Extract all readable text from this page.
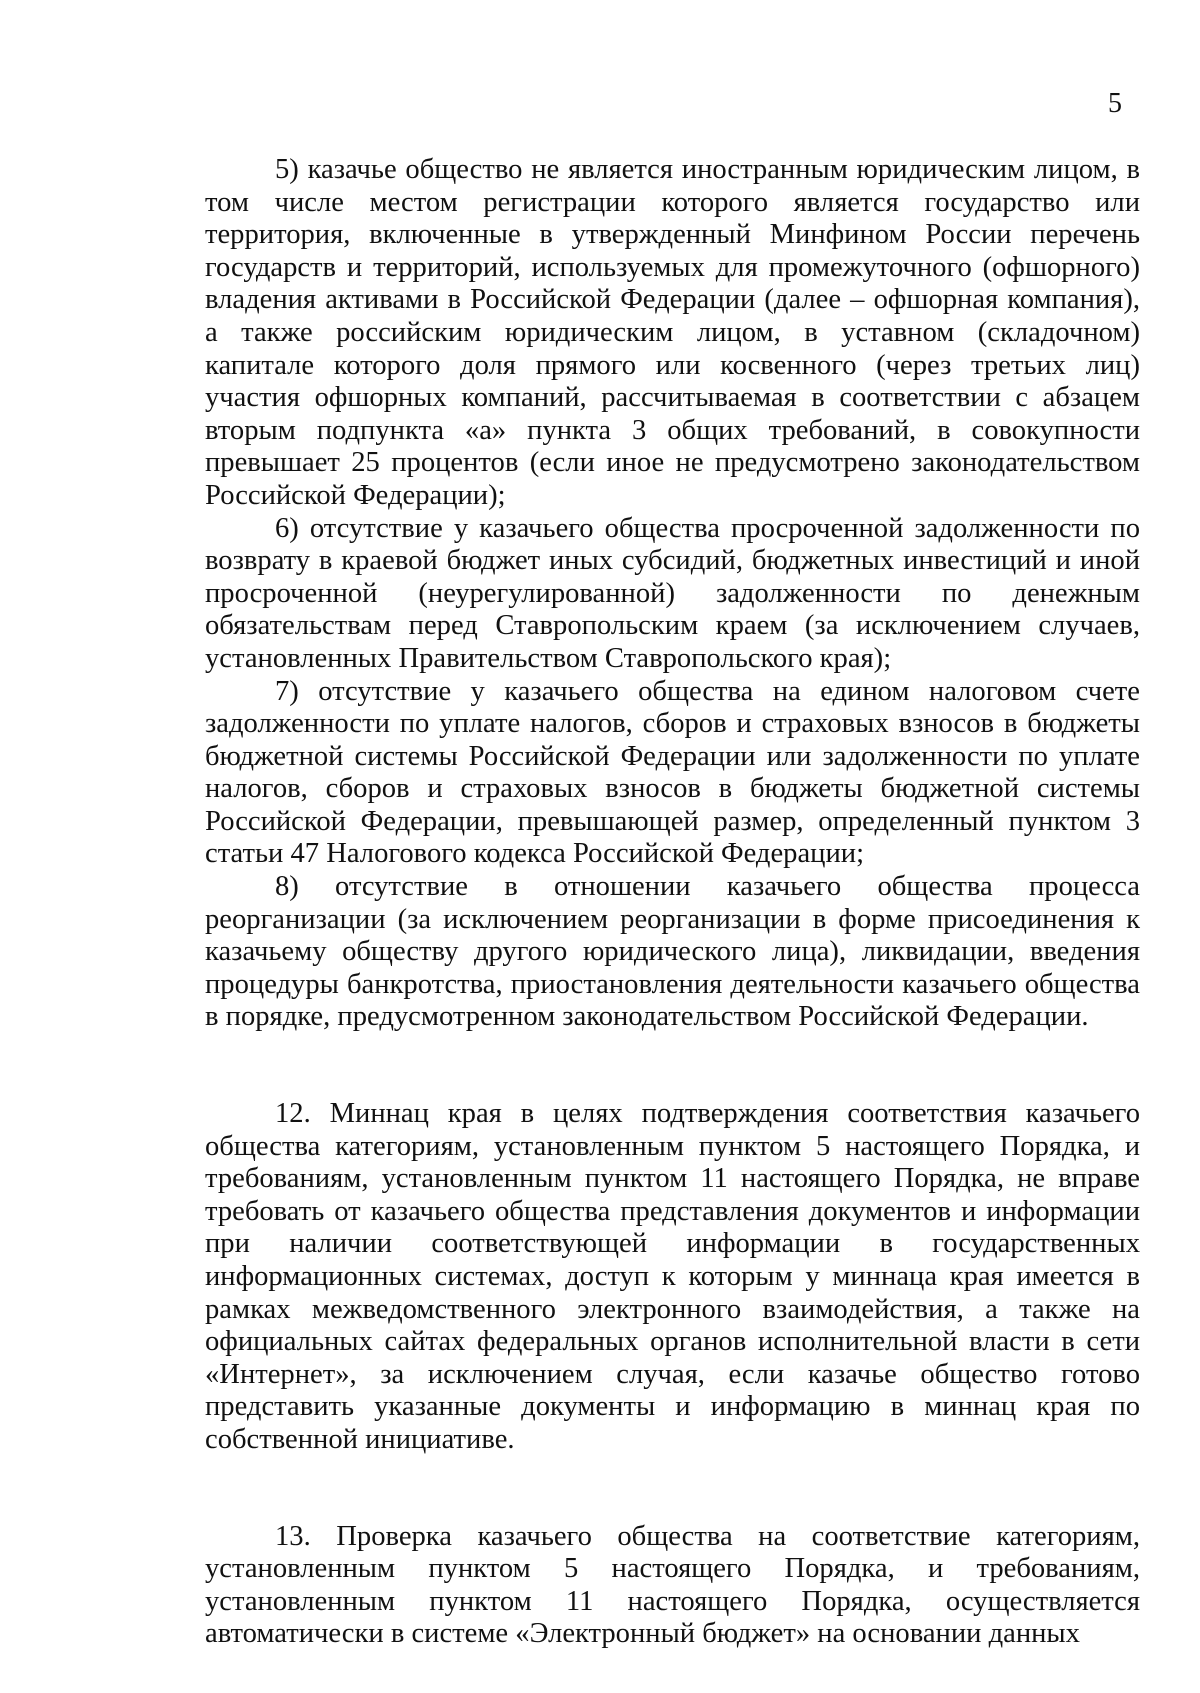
5

5) казачье общество не является иностранным юридическим лицом, в том числе местом регистрации которого является государство или территория, включенные в утвержденный Минфином России перечень государств и территорий, используемых для промежуточного (офшорного) владения активами в Российской Федерации (далее – офшорная компания), а также российским юридическим лицом, в уставном (складочном) капитале которого доля прямого или косвенного (через третьих лиц) участия офшорных компаний, рассчитываемая в соответствии с абзацем вторым подпункта «а» пункта 3 общих требований, в совокупности превышает 25 процентов (если иное не предусмотрено законодательством Российской Федерации);

6) отсутствие у казачьего общества просроченной задолженности по возврату в краевой бюджет иных субсидий, бюджетных инвестиций и иной просроченной (неурегулированной) задолженности по денежным обязательствам перед Ставропольским краем (за исключением случаев, установленных Правительством Ставропольского края);

7) отсутствие у казачьего общества на едином налоговом счете задолженности по уплате налогов, сборов и страховых взносов в бюджеты бюджетной системы Российской Федерации или задолженности по уплате налогов, сборов и страховых взносов в бюджеты бюджетной системы Российской Федерации, превышающей размер, определенный пунктом 3 статьи 47 Налогового кодекса Российской Федерации;

8) отсутствие в отношении казачьего общества процесса реорганизации (за исключением реорганизации в форме присоединения к казачьему обществу другого юридического лица), ликвидации, введения процедуры банкротства, приостановления деятельности казачьего общества в порядке, предусмотренном законодательством Российской Федерации.

12. Миннац края в целях подтверждения соответствия казачьего общества категориям, установленным пунктом 5 настоящего Порядка, и требованиям, установленным пунктом 11 настоящего Порядка, не вправе требовать от казачьего общества представления документов и информации при наличии соответствующей информации в государственных информационных системах, доступ к которым у миннаца края имеется в рамках межведомственного электронного взаимодействия, а также на официальных сайтах федеральных органов исполнительной власти в сети «Интернет», за исключением случая, если казачье общество готово представить указанные документы и информацию в миннац края по собственной инициативе.

13. Проверка казачьего общества на соответствие категориям, установленным пунктом 5 настоящего Порядка, и требованиям, установленным пунктом 11 настоящего Порядка, осуществляется автоматически в системе «Электронный бюджет» на основании данных
